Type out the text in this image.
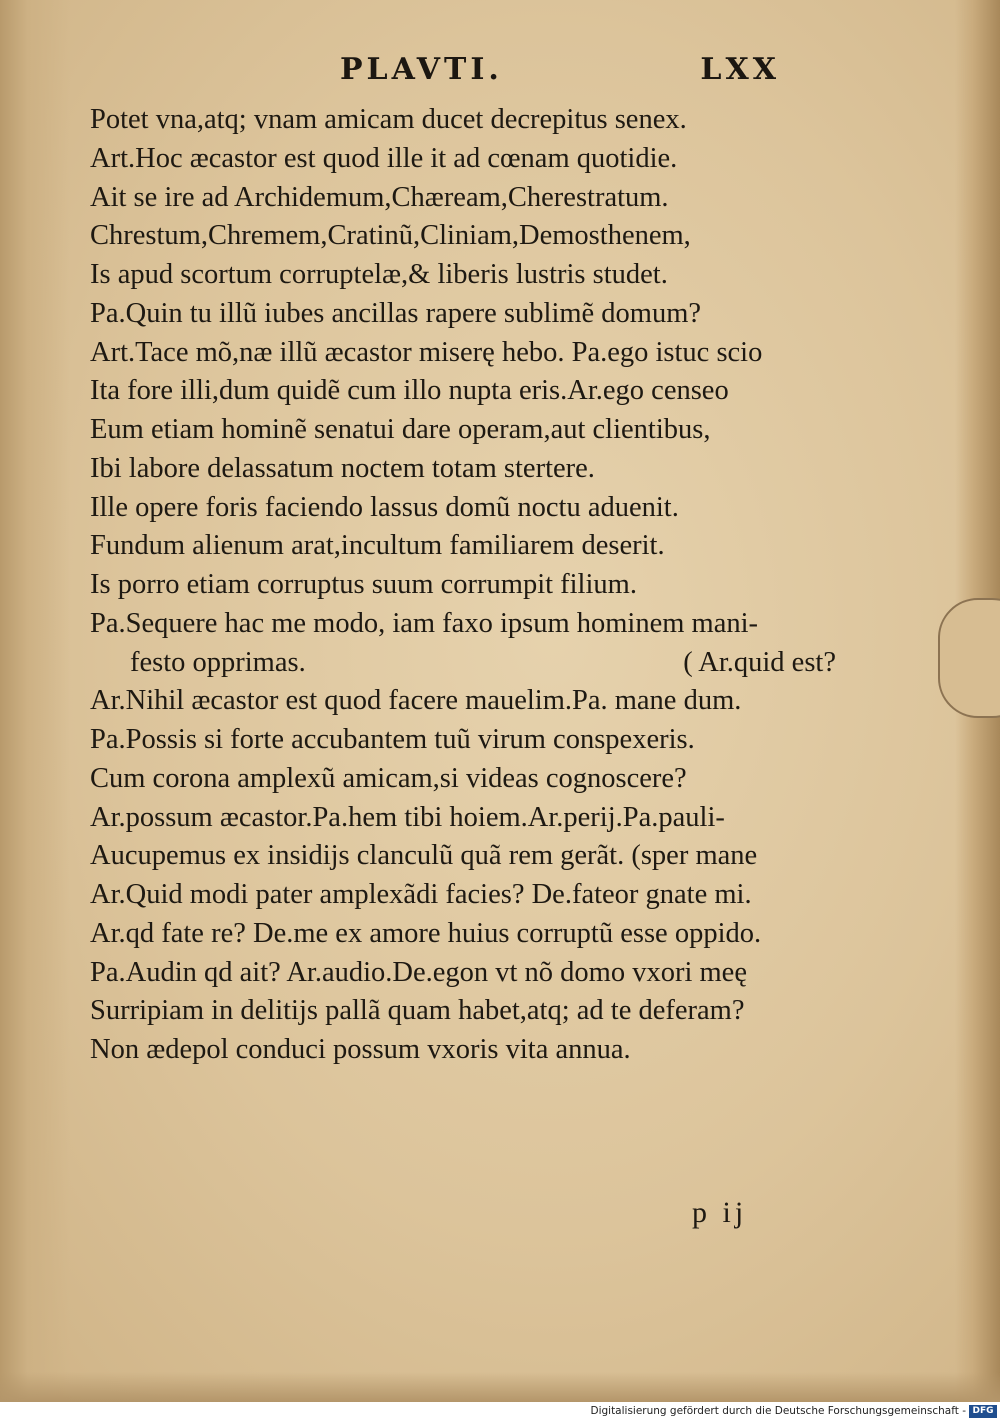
PLAVTI.	LXX
Potet vna,atq; vnam amicam ducet decrepitus senex.
Art.Hoc æcastor est quod ille it ad cœnam quotidie.
Ait se ire ad Archidemum,Chæream,Cherestratum.
Chrestum,Chremem,Cratinũ,Cliniam,Demosthenem,
Is apud scortum corruptelæ,& liberis lustris studet.
Pa.Quin tu illũ iubes ancillas rapere sublimẽ domum?
Art.Tace mõ,næ illũ æcastor miserę hebo. Pa.ego istuc scio
Ita fore illi,dum quidẽ cum illo nupta eris.Ar.ego censeo
Eum etiam hominẽ senatui dare operam,aut clientibus,
Ibi labore delassatum noctem totam stertere.
Ille opere foris faciendo lassus domũ noctu aduenit.
Fundum alienum arat,incultum familiarem deserit.
Is porro etiam corruptus suum corrumpit filium.
Pa.Sequere hac me modo, iam faxo ipsum hominem mani-
festo opprimas.	( Ar.quid est?
Ar.Nihil æcastor est quod facere mauelim.Pa. mane dum.
Pa.Possis si forte accubantem tuũ virum conspexeris.
Cum corona amplexũ amicam,si videas cognoscere?
Ar.possum æcastor.Pa.hem tibi hoiem.Ar.perij.Pa.pauli-
Aucupemus ex insidijs clanculũ quã rem gerãt. (sper mane
Ar.Quid modi pater amplexãdi facies? De.fateor gnate mi.
Ar.qd fate re? De.me ex amore huius corruptũ esse oppido.
Pa.Audin qd ait? Ar.audio.De.egon vt nõ domo vxori meę
Surripiam in delitijs pallã quam habet,atq; ad te deferam?
Non ædepol conduci possum vxoris vita annua.
p ij
Digitalisierung gefördert durch die Deutsche Forschungsgemeinschaft - DFG
